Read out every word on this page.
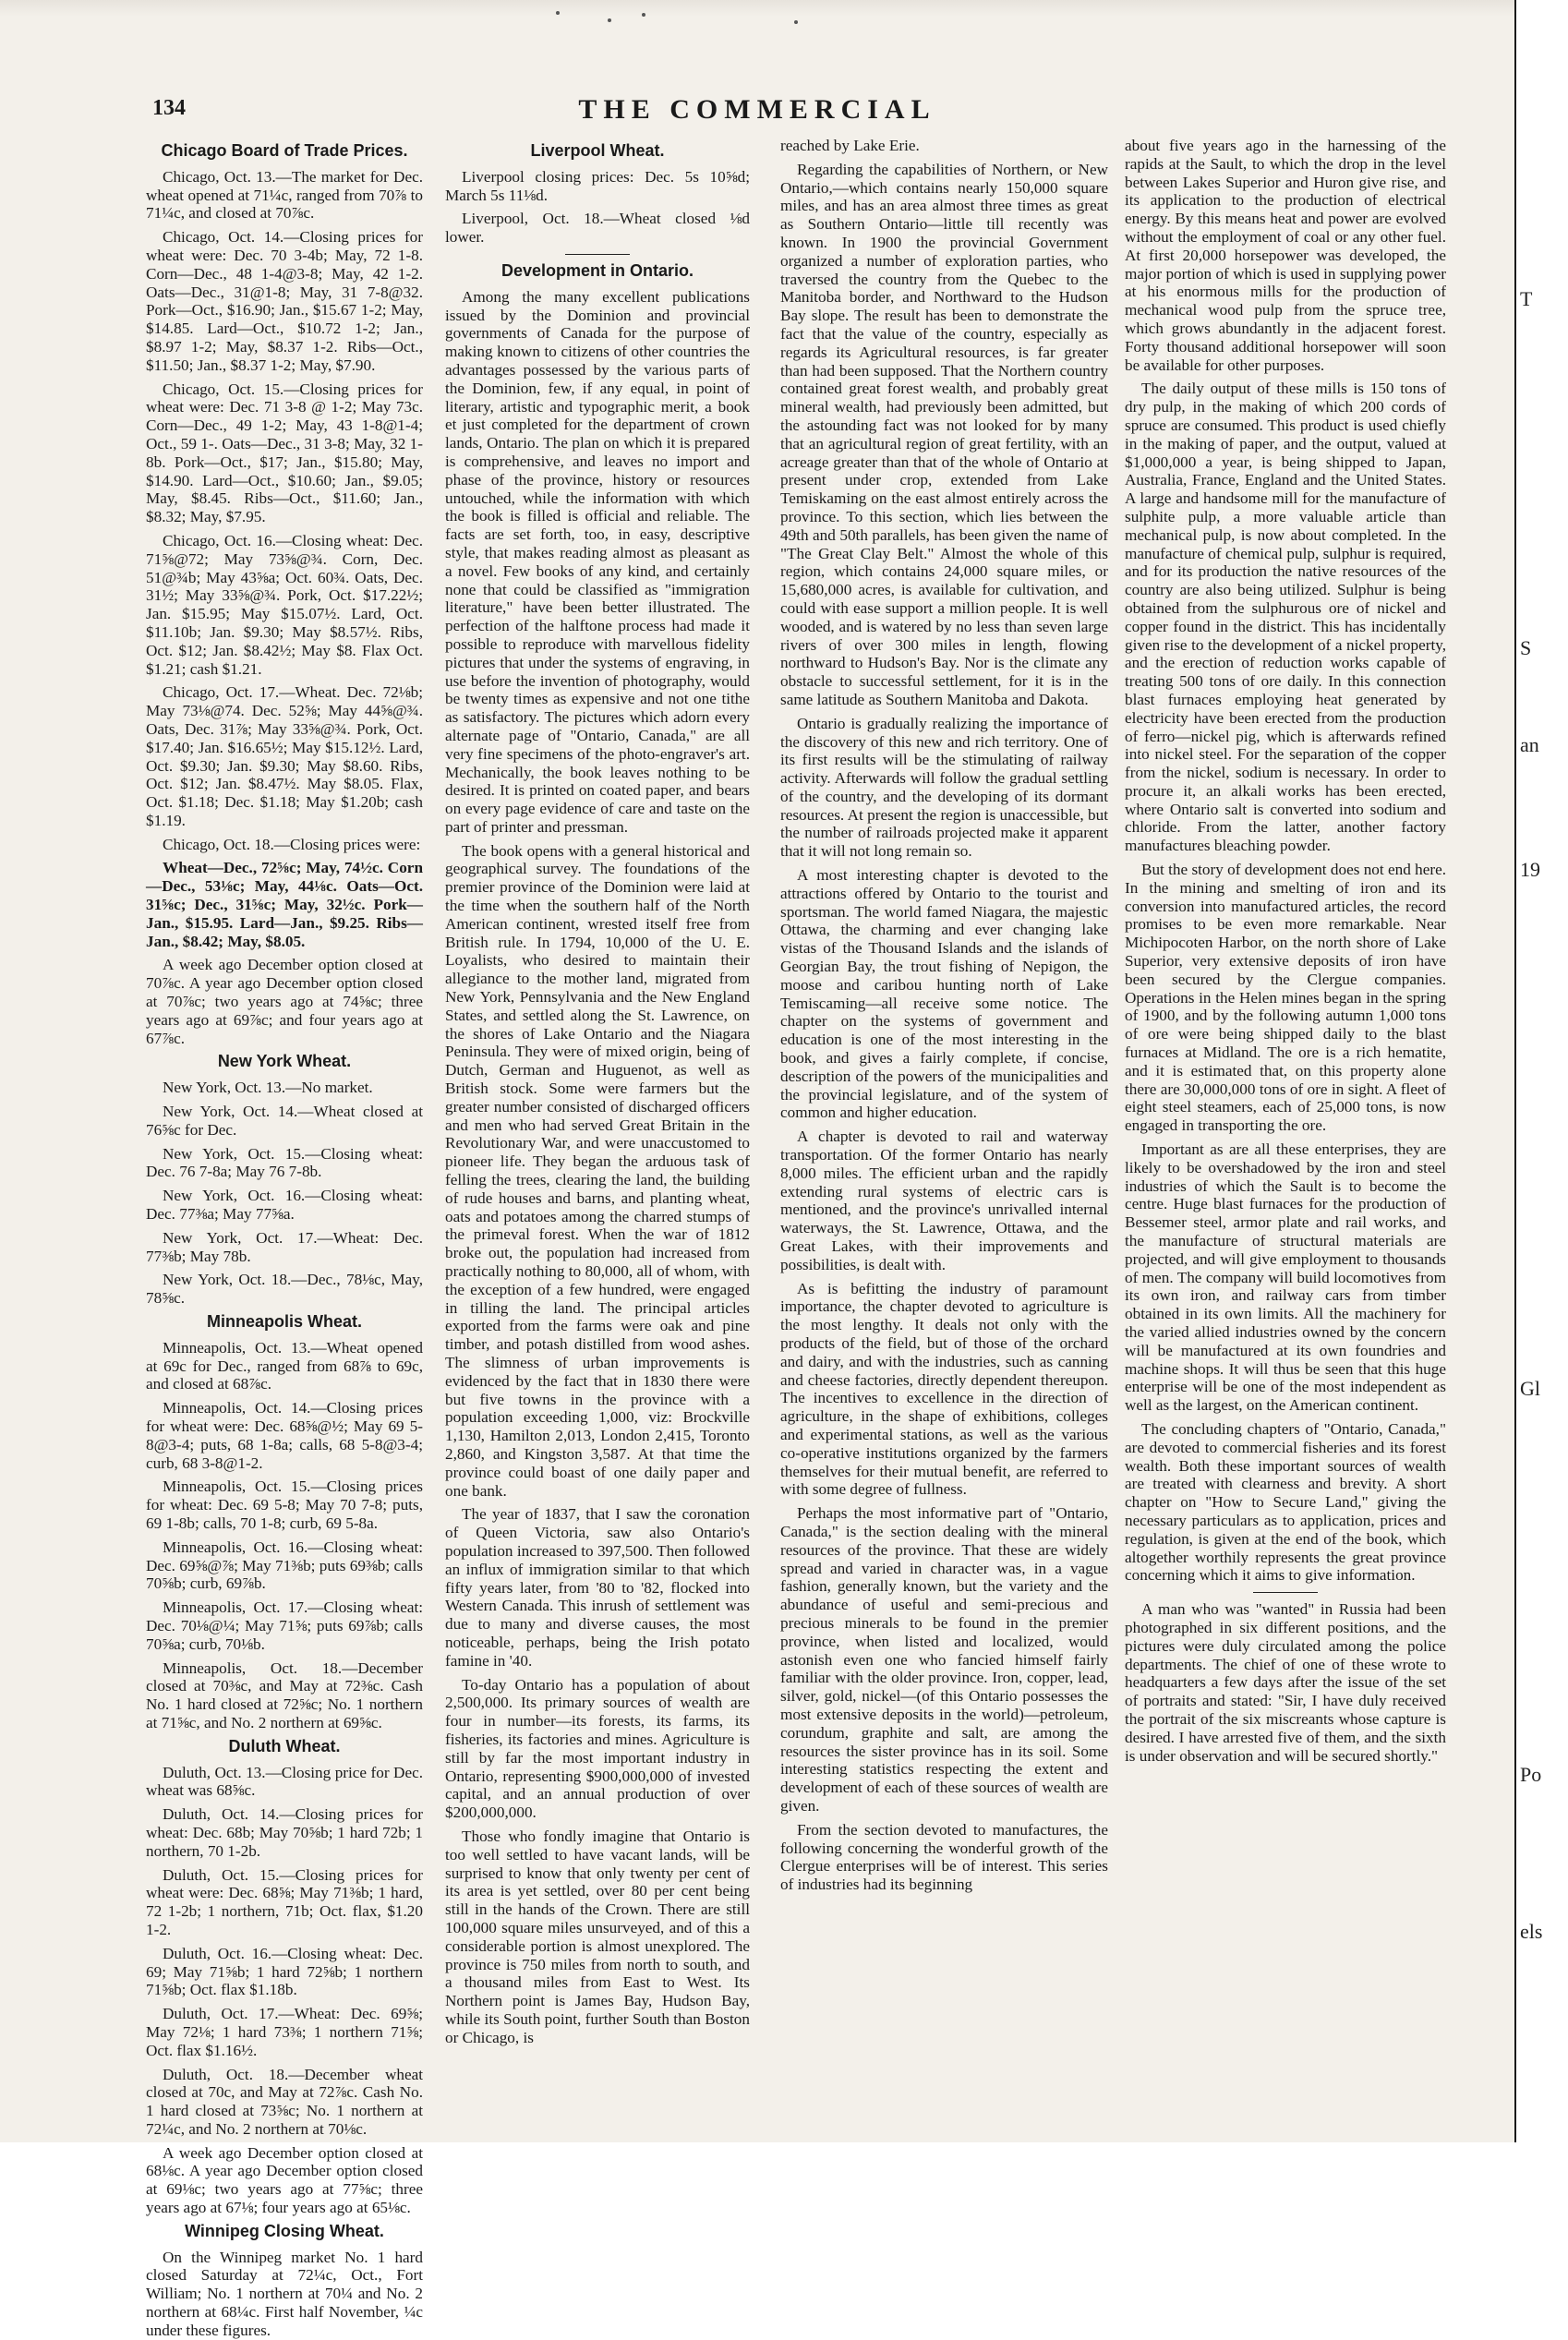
134	THE COMMERCIAL
Chicago Board of Trade Prices.

Chicago, Oct. 13.—The market for Dec. wheat opened at 71¼c, ranged from 70⅞ to 71¼c, and closed at 70⅞c.

Chicago, Oct. 14.—Closing prices for wheat were: Dec. 70 3-4b; May, 72 1-8. Corn—Dec., 48 1-4@3-8; May, 42 1-2. Oats—Dec., 31@1-8; May, 31 7-8@32. Pork—Oct., $16.90; Jan., $15.67 1-2; May, $14.85. Lard—Oct., $10.72 1-2; Jan., $8.97 1-2; May, $8.37 1-2. Ribs—Oct., $11.50; Jan., $8.37 1-2; May, $7.90.

Chicago, Oct. 15.—Closing prices for wheat were: Dec. 71 3-8 @ 1-2; May 73c. Corn—Dec., 49 1-2; May, 43 1-8@1-4; Oct., 59 1-. Oats—Dec., 31 3-8; May, 32 1-8b. Pork—Oct., $17; Jan., $15.80; May, $14.90. Lard—Oct., $10.60; Jan., $9.05; May, $8.45. Ribs—Oct., $11.60; Jan., $8.32; May, $7.95.

Chicago, Oct. 16.—Closing wheat: Dec. 71⅝@72; May 73⅝@¾. Corn, Dec. 51@¾b; May 43⅝a; Oct. 60¾. Oats, Dec. 31½; May 33⅝@¾. Pork, Oct. $17.22½; Jan. $15.95; May $15.07½. Lard, Oct. $11.10b; Jan. $9.30; May $8.57½. Ribs, Oct. $12; Jan. $8.42½; May $8. Flax Oct. $1.21; cash $1.21.

Chicago, Oct. 17.—Wheat. Dec. 72⅛b; May 73⅛@74. Dec. 52⅝; May 44⅝@¾. Oats, Dec. 31⅞; May 33⅝@¾. Pork, Oct. $17.40; Jan. $16.65½; May $15.12½. Lard, Oct. $9.30; Jan. $9.30; May $8.60. Ribs, Oct. $12; Jan. $8.47½. May $8.05. Flax, Oct. $1.18; Dec. $1.18; May $1.20b; cash $1.19.

Chicago, Oct. 18.—Closing prices were:

Wheat—Dec., 72⅝c; May, 74½c. Corn—Dec., 53⅛c; May, 44⅛c. Oats—Oct. 31⅝c; Dec., 31⅝c; May, 32½c. Pork—Jan., $15.95. Lard—Jan., $9.25. Ribs—Jan., $8.42; May, $8.05.

A week ago December option closed at 70⅞c. A year ago December option closed at 70⅞c; two years ago at 74⅝c; three years ago at 69⅞c; and four years ago at 67⅞c.

New York Wheat.

New York, Oct. 13.—No market.

New York, Oct. 14.—Wheat closed at 76⅝c for Dec.

New York, Oct. 15.—Closing wheat: Dec. 76 7-8a; May 76 7-8b.

New York, Oct. 16.—Closing wheat: Dec. 77⅜a; May 77⅝a.

New York, Oct. 17.—Wheat: Dec. 77⅜b; May 78b.

New York, Oct. 18.—Dec., 78⅛c, May, 78⅝c.

Minneapolis Wheat.

Minneapolis, Oct. 13.—Wheat opened at 69c for Dec., ranged from 68⅞ to 69c, and closed at 68⅞c.

Minneapolis, Oct. 14.—Closing prices for wheat were: Dec. 68⅝@½; May 69 5-8@3-4; puts, 68 1-8a; calls, 68 5-8@3-4; curb, 68 3-8@1-2.

Minneapolis, Oct. 15.—Closing prices for wheat: Dec. 69 5-8; May 70 7-8; puts, 69 1-8b; calls, 70 1-8; curb, 69 5-8a.

Minneapolis, Oct. 16.—Closing wheat: Dec. 69⅝@⅞; May 71⅜b; puts 69⅜b; calls 70⅝b; curb, 69⅞b.

Minneapolis, Oct. 17.—Closing wheat: Dec. 70⅛@¼; May 71⅝; puts 69⅞b; calls 70⅝a; curb, 70⅛b.

Minneapolis, Oct. 18.—December closed at 70⅜c, and May at 72⅜c. Cash No. 1 hard closed at 72⅝c; No. 1 northern at 71⅝c, and No. 2 northern at 69⅝c.

Duluth Wheat.

Duluth, Oct. 13.—Closing price for Dec. wheat was 68⅝c.

Duluth, Oct. 14.—Closing prices for wheat: Dec. 68b; May 70⅝b; 1 hard 72b; 1 northern, 70 1-2b.

Duluth, Oct. 15.—Closing prices for wheat were: Dec. 68⅝; May 71⅜b; 1 hard, 72 1-2b; 1 northern, 71b; Oct. flax, $1.20 1-2.

Duluth, Oct. 16.—Closing wheat: Dec. 69; May 71⅝b; 1 hard 72⅝b; 1 northern 71⅝b; Oct. flax $1.18b.

Duluth, Oct. 17.—Wheat: Dec. 69⅝; May 72⅛; 1 hard 73⅜; 1 northern 71⅝; Oct. flax $1.16½.

Duluth, Oct. 18.—December wheat closed at 70c, and May at 72⅞c. Cash No. 1 hard closed at 73⅝c; No. 1 northern at 72¼c, and No. 2 northern at 70⅛c.

A week ago December option closed at 68⅛c. A year ago December option closed at 69⅛c; two years ago at 77⅝c; three years ago at 67⅛; four years ago at 65⅛c.

Winnipeg Closing Wheat.

On the Winnipeg market No. 1 hard closed Saturday at 72¼c, Oct., Fort William; No. 1 northern at 70¼ and No. 2 northern at 68¼c. First half November, ¼c under these figures.

Liverpool Wheat.

Liverpool closing prices: Dec. 5s 10⅝d; March 5s 11⅛d.

Liverpool, Oct. 18.—Wheat closed ⅛d lower.

Development in Ontario.

Among the many excellent publications issued by the Dominion and provincial governments of Canada for the purpose of making known to citizens of other countries the advantages possessed by the various parts of the Dominion, few, if any equal, in point of literary, artistic and typographic merit, a book et just completed for the department of crown lands, Ontario. The plan on which it is prepared is comprehensive, and leaves no import and phase of the province, history or resources untouched, while the information with which the book is filled is official and reliable. The facts are set forth, too, in easy, descriptive style, that makes reading almost as pleasant as a novel. Few books of any kind, and certainly none that could be classified as "immigration literature," have been better illustrated. The perfection of the halftone process had made it possible to reproduce with marvellous fidelity pictures that under the systems of engraving, in use before the invention of photography, would be twenty times as expensive and not one tithe as satisfactory. The pictures which adorn every alternate page of "Ontario, Canada," are all very fine specimens of the photo-engraver's art. Mechanically, the book leaves nothing to be desired. It is printed on coated paper, and bears on every page evidence of care and taste on the part of printer and pressman.

The book opens with a general historical and geographical survey. The foundations of the premier province of the Dominion were laid at the time when the southern half of the North American continent, wrested itself free from British rule. In 1794, 10,000 of the U. E. Loyalists, who desired to maintain their allegiance to the mother land, migrated from New York, Pennsylvania and the New England States, and settled along the St. Lawrence, on the shores of Lake Ontario and the Niagara Peninsula. They were of mixed origin, being of Dutch, German and Huguenot, as well as British stock. Some were farmers but the greater number consisted of discharged officers and men who had served Great Britain in the Revolutionary War, and were unaccustomed to pioneer life. They began the arduous task of felling the trees, clearing the land, the building of rude houses and barns, and planting wheat, oats and potatoes among the charred stumps of the primeval forest. When the war of 1812 broke out, the population had increased from practically nothing to 80,000, all of whom, with the exception of a few hundred, were engaged in tilling the land. The principal articles exported from the farms were oak and pine timber, and potash distilled from wood ashes. The slimness of urban improvements is evidenced by the fact that in 1830 there were but five towns in the province with a population exceeding 1,000, viz: Brockville 1,130, Hamilton 2,013, London 2,415, Toronto 2,860, and Kingston 3,587. At that time the province could boast of one daily paper and one bank.

The year of 1837, that I saw the coronation of Queen Victoria, saw also Ontario's population increased to 397,500. Then followed an influx of immigration similar to that which fifty years later, from '80 to '82, flocked into Western Canada. This inrush of settlement was due to many and diverse causes, the most noticeable, perhaps, being the Irish potato famine in '40.

To-day Ontario has a population of about 2,500,000. Its primary sources of wealth are four in number—its forests, its farms, its fisheries, its factories and mines. Agriculture is still by far the most important industry in Ontario, representing $900,000,000 of invested capital, and an annual production of over $200,000,000.

Those who fondly imagine that Ontario is too well settled to have vacant lands, will be surprised to know that only twenty per cent of its area is yet settled, over 80 per cent being still in the hands of the Crown. There are still 100,000 square miles unsurveyed, and of this a considerable portion is almost unexplored. The province is 750 miles from north to south, and a thousand miles from East to West. Its Northern point is James Bay, Hudson Bay, while its South point, further South than Boston or Chicago, is

reached by Lake Erie.

Regarding the capabilities of Northern, or New Ontario,—which contains nearly 150,000 square miles, and has an area almost three times as great as Southern Ontario—little till recently was known. In 1900 the provincial Government organized a number of exploration parties, who traversed the country from the Quebec to the Manitoba border, and Northward to the Hudson Bay slope. The result has been to demonstrate the fact that the value of the country, especially as regards its Agricultural resources, is far greater than had been supposed. That the Northern country contained great forest wealth, and probably great mineral wealth, had previously been admitted, but the astounding fact was not looked for by many that an agricultural region of great fertility, with an acreage greater than that of the whole of Ontario at present under crop, extended from Lake Temiskaming on the east almost entirely across the province. To this section, which lies between the 49th and 50th parallels, has been given the name of "The Great Clay Belt." Almost the whole of this region, which contains 24,000 square miles, or 15,680,000 acres, is available for cultivation, and could with ease support a million people. It is well wooded, and is watered by no less than seven large rivers of over 300 miles in length, flowing northward to Hudson's Bay. Nor is the climate any obstacle to successful settlement, for it is in the same latitude as Southern Manitoba and Dakota.

Ontario is gradually realizing the importance of the discovery of this new and rich territory. One of its first results will be the stimulating of railway activity. Afterwards will follow the gradual settling of the country, and the developing of its dormant resources. At present the region is unaccessible, but the number of railroads projected make it apparent that it will not long remain so.

A most interesting chapter is devoted to the attractions offered by Ontario to the tourist and sportsman. The world famed Niagara, the majestic Ottawa, the charming and ever changing lake vistas of the Thousand Islands and the islands of Georgian Bay, the trout fishing of Nepigon, the moose and caribou hunting north of Lake Temiscaming—all receive some notice. The chapter on the systems of government and education is one of the most interesting in the book, and gives a fairly complete, if concise, description of the powers of the municipalities and the provincial legislature, and of the system of common and higher education.

A chapter is devoted to rail and waterway transportation. Of the former Ontario has nearly 8,000 miles. The efficient urban and the rapidly extending rural systems of electric cars is mentioned, and the province's unrivalled internal waterways, the St. Lawrence, Ottawa, and the Great Lakes, with their improvements and possibilities, is dealt with.

As is befitting the industry of paramount importance, the chapter devoted to agriculture is the most lengthy. It deals not only with the products of the field, but of those of the orchard and dairy, and with the industries, such as canning and cheese factories, directly dependent thereupon. The incentives to excellence in the direction of agriculture, in the shape of exhibitions, colleges and experimental stations, as well as the various co-operative institutions organized by the farmers themselves for their mutual benefit, are referred to with some degree of fullness.

Perhaps the most informative part of "Ontario, Canada," is the section dealing with the mineral resources of the province. That these are widely spread and varied in character was, in a vague fashion, generally known, but the variety and the abundance of useful and semi-precious and precious minerals to be found in the premier province, when listed and localized, would astonish even one who fancied himself fairly familiar with the older province. Iron, copper, lead, silver, gold, nickel—(of this Ontario possesses the most extensive deposits in the world)—petroleum, corundum, graphite and salt, are among the resources the sister province has in its soil. Some interesting statistics respecting the extent and development of each of these sources of wealth are given.

From the section devoted to manufactures, the following concerning the wonderful growth of the Clergue enterprises will be of interest. This series of industries had its beginning

about five years ago in the harnessing of the rapids at the Sault, to which the drop in the level between Lakes Superior and Huron give rise, and its application to the production of electrical energy. By this means heat and power are evolved without the employment of coal or any other fuel. At first 20,000 horsepower was developed, the major portion of which is used in supplying power at his enormous mills for the production of mechanical wood pulp from the spruce tree, which grows abundantly in the adjacent forest. Forty thousand additional horsepower will soon be available for other purposes.

The daily output of these mills is 150 tons of dry pulp, in the making of which 200 cords of spruce are consumed. This product is used chiefly in the making of paper, and the output, valued at $1,000,000 a year, is being shipped to Japan, Australia, France, England and the United States. A large and handsome mill for the manufacture of sulphite pulp, a more valuable article than mechanical pulp, is now about completed. In the manufacture of chemical pulp, sulphur is required, and for its production the native resources of the country are also being utilized. Sulphur is being obtained from the sulphurous ore of nickel and copper found in the district. This has incidentally given rise to the development of a nickel property, and the erection of reduction works capable of treating 500 tons of ore daily. In this connection blast furnaces employing heat generated by electricity have been erected from the production of ferro—nickel pig, which is afterwards refined into nickel steel. For the separation of the copper from the nickel, sodium is necessary. In order to procure it, an alkali works has been erected, where Ontario salt is converted into sodium and chloride. From the latter, another factory manufactures bleaching powder.

But the story of development does not end here. In the mining and smelting of iron and its conversion into manufactured articles, the record promises to be even more remarkable. Near Michipocoten Harbor, on the north shore of Lake Superior, very extensive deposits of iron have been secured by the Clergue companies. Operations in the Helen mines began in the spring of 1900, and by the following autumn 1,000 tons of ore were being shipped daily to the blast furnaces at Midland. The ore is a rich hematite, and it is estimated that, on this property alone there are 30,000,000 tons of ore in sight. A fleet of eight steel steamers, each of 25,000 tons, is now engaged in transporting the ore.

Important as are all these enterprises, they are likely to be overshadowed by the iron and steel industries of which the Sault is to become the centre. Huge blast furnaces for the production of Bessemer steel, armor plate and rail works, and the manufacture of structural materials are projected, and will give employment to thousands of men. The company will build locomotives from its own iron, and railway cars from timber obtained in its own limits. All the machinery for the varied allied industries owned by the concern will be manufactured at its own foundries and machine shops. It will thus be seen that this huge enterprise will be one of the most independent as well as the largest, on the American continent.

The concluding chapters of "Ontario, Canada," are devoted to commercial fisheries and its forest wealth. Both these important sources of wealth are treated with clearness and brevity. A short chapter on "How to Secure Land," giving the necessary particulars as to application, prices and regulation, is given at the end of the book, which altogether worthily represents the great province concerning which it aims to give information.

A man who was "wanted" in Russia had been photographed in six different positions, and the pictures were duly circulated among the police departments. The chief of one of these wrote to headquarters a few days after the issue of the set of portraits and stated: "Sir, I have duly received the portrait of the six miscreants whose capture is desired. I have arrested five of them, and the sixth is under observation and will be secured shortly."

T
S
an
19
Gl
Po
els
